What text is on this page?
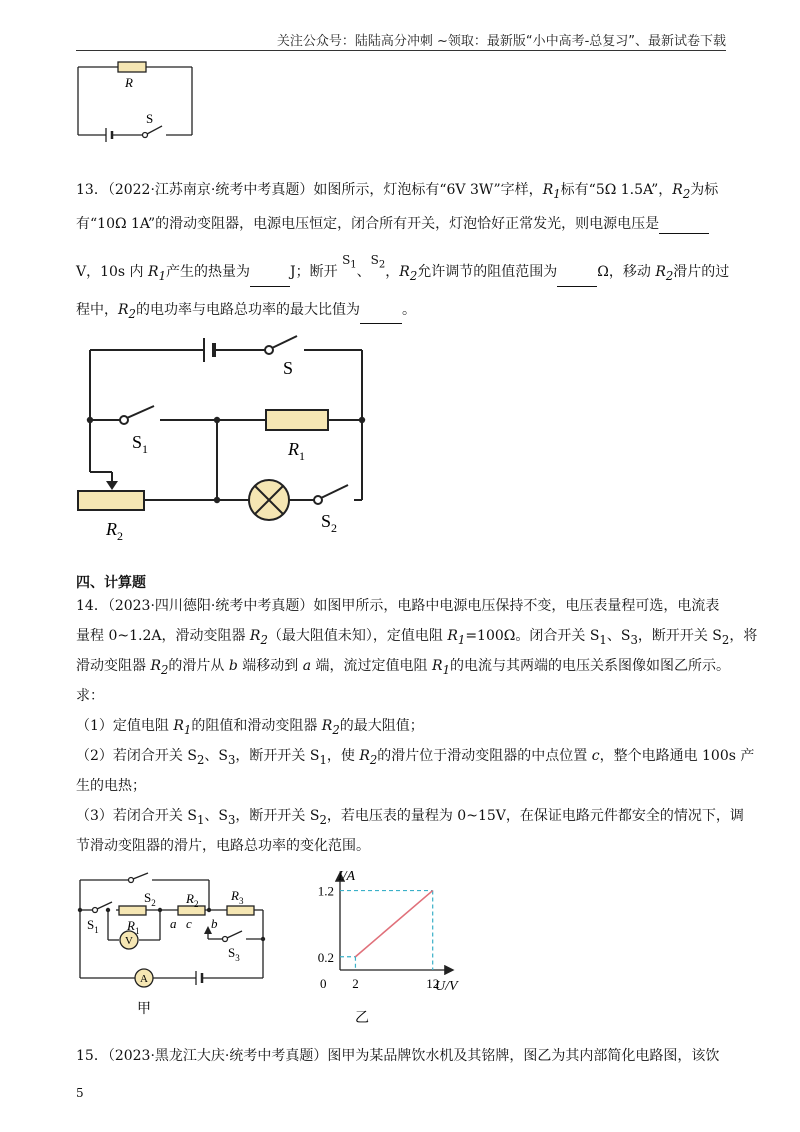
关注公众号：陆陆高分冲刺 ~领取：最新版“小中高考-总复习”、最新试卷下载
R
S
13．（2022·江苏南京·统考中考真题）如图所示，灯泡标有“6V 3W”字样，$R_1$标有“5Ω 1.5A”，$R_2$为标
有“10Ω 1A”的滑动变阻器，电源电压恒定，闭合所有开关，灯泡恰好正常发光，则电源电压是
V，10s 内 $R_1$产生的热量为	J；断开 $S_1$、$S_2$，$R_2$允许调节的阻值范围为	Ω，移动 $R_2$滑片的过
程中，$R_2$的电功率与电路总功率的最大比值为	。
S
$S_1$	$R_1$
$R_2$
$S_2$
四、计算题
14．（2023·四川德阳·统考中考真题）如图甲所示，电路中电源电压保持不变，电压表量程可选，电流表
量程 0~1.2A，滑动变阻器 $R_2$（最大阻值未知），定值电阻 $R_1=100\Omega$。闭合开关 $S_1$、$S_3$，断开开关 $S_2$，将
滑动变阻器 $R_2$的滑片从 b 端移动到 a 端，流过定值电阻 $R_1$的电流与其两端的电压关系图像如图乙所示。
求：
（1）定值电阻 $R_1$的阻值和滑动变阻器 $R_2$的最大阻值；
（2）若闭合开关 $S_2$、$S_3$，断开开关 $S_1$，使 $R_2$的滑片位于滑动变阻器的中点位置 c，整个电路通电 100s 产
生的电热；
（3）若闭合开关 $S_1$、$S_3$，断开开关 $S_2$，若电压表的量程为 0~15V，在保证电路元件都安全的情况下，调
节滑动变阻器的滑片，电路总功率的变化范围。
$S_2$ $R_2$
$R_3$
$S_1$ $R_1$ a c b
$S_3$
V
A
甲
2	12
0.2
1.2
I/A
U/V
0
乙
15．（2023·黑龙江大庆·统考中考真题）图甲为某品牌饮水机及其铭牌，图乙为其内部简化电路图，该饮
5
